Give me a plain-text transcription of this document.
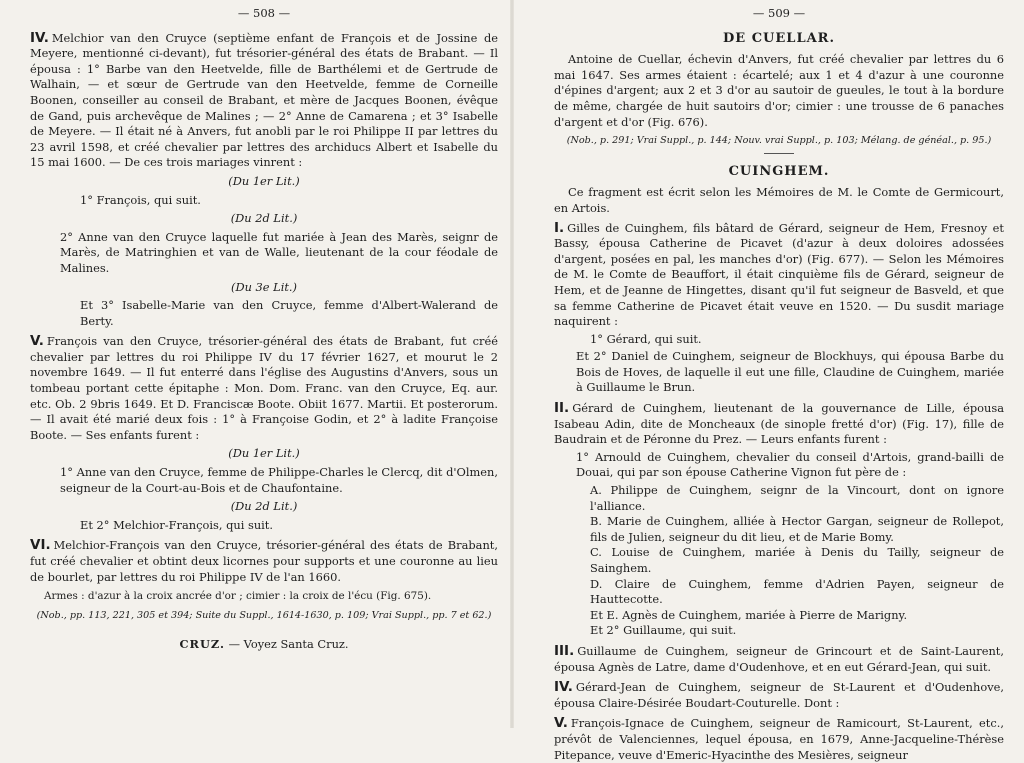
— 508 —

IV. Melchior van den Cruyce (septième enfant de François et de Jossine de Meyere, mentionné ci-devant), fut trésorier-général des états de Brabant. — Il épousa : 1° Barbe van den Heetvelde, fille de Barthélemi et de Gertrude de Walhain, — et sœur de Gertrude van den Heetvelde, femme de Corneille Boonen, conseiller au conseil de Brabant, et mère de Jacques Boonen, évêque de Gand, puis archevêque de Malines ; — 2° Anne de Camarena ; et 3° Isabelle de Meyere. — Il était né à Anvers, fut anobli par le roi Philippe II par lettres du 23 avril 1598, et créé chevalier par lettres des archiducs Albert et Isabelle du 15 mai 1600. — De ces trois mariages vinrent :

(Du 1er Lit.)
1° François, qui suit.
(Du 2d Lit.)
2° Anne van den Cruyce laquelle fut mariée à Jean des Marès, seignr de Marès, de Matringhien et van de Walle, lieutenant de la cour féodale de Malines.
(Du 3e Lit.)
Et 3° Isabelle-Marie van den Cruyce, femme d'Albert-Walerand de Berty.

V. François van den Cruyce, trésorier-général des états de Brabant, fut créé chevalier par lettres du roi Philippe IV du 17 février 1627, et mourut le 2 novembre 1649. — Il fut enterré dans l'église des Augustins d'Anvers, sous un tombeau portant cette épitaphe : Mon. Dom. Franc. van den Cruyce, Eq. aur. etc. Ob. 2 9bris 1649. Et D. Franciscæ Boote. Obiit 1677. Martii. Et posterorum. — Il avait été marié deux fois : 1° à Françoise Godin, et 2° à ladite Françoise Boote. — Ses enfants furent :

(Du 1er Lit.)
1° Anne van den Cruyce, femme de Philippe-Charles le Clercq, dit d'Olmen, seigneur de la Court-au-Bois et de Chaufontaine.
(Du 2d Lit.)
Et 2° Melchior-François, qui suit.

VI. Melchior-François van den Cruyce, trésorier-général des états de Brabant, fut créé chevalier et obtint deux licornes pour supports et une couronne au lieu de bourlet, par lettres du roi Philippe IV de l'an 1660.

Armes : d'azur à la croix ancrée d'or ; cimier : la croix de l'écu (Fig. 675).
(Nob., pp. 113, 221, 305 et 394; Suite du Suppl., 1614-1630, p. 109; Vrai Suppl., pp. 7 et 62.)
CRUZ. — Voyez Santa Cruz.
— 509 —
DE CUELLAR.

Antoine de Cuellar, échevin d'Anvers, fut créé chevalier par lettres du 6 mai 1647. Ses armes étaient : écartelé; aux 1 et 4 d'azur à une couronne d'épines d'argent; aux 2 et 3 d'or au sautoir de gueules, le tout à la bordure de même, chargée de huit sautoirs d'or; cimier : une trousse de 6 panaches d'argent et d'or (Fig. 676).

(Nob., p. 291; Vrai Suppl., p. 144; Nouv. vrai Suppl., p. 103; Mélang. de généal., p. 95.)
CUINGHEM.

Ce fragment est écrit selon les Mémoires de M. le Comte de Germicourt, en Artois.

I. Gilles de Cuinghem, fils bâtard de Gérard, seigneur de Hem, Fresnoy et Bassy, épousa Catherine de Picavet (d'azur à deux doloires adossées d'argent, posées en pal, les manches d'or) (Fig. 677). — Selon les Mémoires de M. le Comte de Beauffort, il était cinquième fils de Gérard, seigneur de Hem, et de Jeanne de Hingettes, disant qu'il fut seigneur de Basveld, et que sa femme Catherine de Picavet était veuve en 1520. — Du susdit mariage naquirent :

1° Gérard, qui suit.
Et 2° Daniel de Cuinghem, seigneur de Blockhuys, qui épousa Barbe du Bois de Hoves, de laquelle il eut une fille, Claudine de Cuinghem, mariée à Guillaume le Brun.

II. Gérard de Cuinghem, lieutenant de la gouvernance de Lille, épousa Isabeau Adin, dite de Moncheaux (de sinople fretté d'or) (Fig. 17), fille de Baudrain et de Péronne du Prez. — Leurs enfants furent :

1° Arnould de Cuinghem, chevalier du conseil d'Artois, grand-bailli de Douai, qui par son épouse Catherine Vignon fut père de :
A. Philippe de Cuinghem, seignr de la Vincourt, dont on ignore l'alliance.
B. Marie de Cuinghem, alliée à Hector Gargan, seigneur de Rollepot, fils de Julien, seigneur du dit lieu, et de Marie Bomy.
C. Louise de Cuinghem, mariée à Denis du Tailly, seigneur de Sainghem.
D. Claire de Cuinghem, femme d'Adrien Payen, seigneur de Hauttecotte.
Et E. Agnès de Cuinghem, mariée à Pierre de Marigny.
Et 2° Guillaume, qui suit.

III. Guillaume de Cuinghem, seigneur de Grincourt et de Saint-Laurent, épousa Agnès de Latre, dame d'Oudenhove, et en eut Gérard-Jean, qui suit.

IV. Gérard-Jean de Cuinghem, seigneur de St-Laurent et d'Oudenhove, épousa Claire-Désirée Boudart-Couturelle. Dont :

V. François-Ignace de Cuinghem, seigneur de Ramicourt, St-Laurent, etc., prévôt de Valenciennes, lequel épousa, en 1679, Anne-Jacqueline-Thérèse Pitepance, veuve d'Emeric-Hyacinthe des Mesières, seigneur
